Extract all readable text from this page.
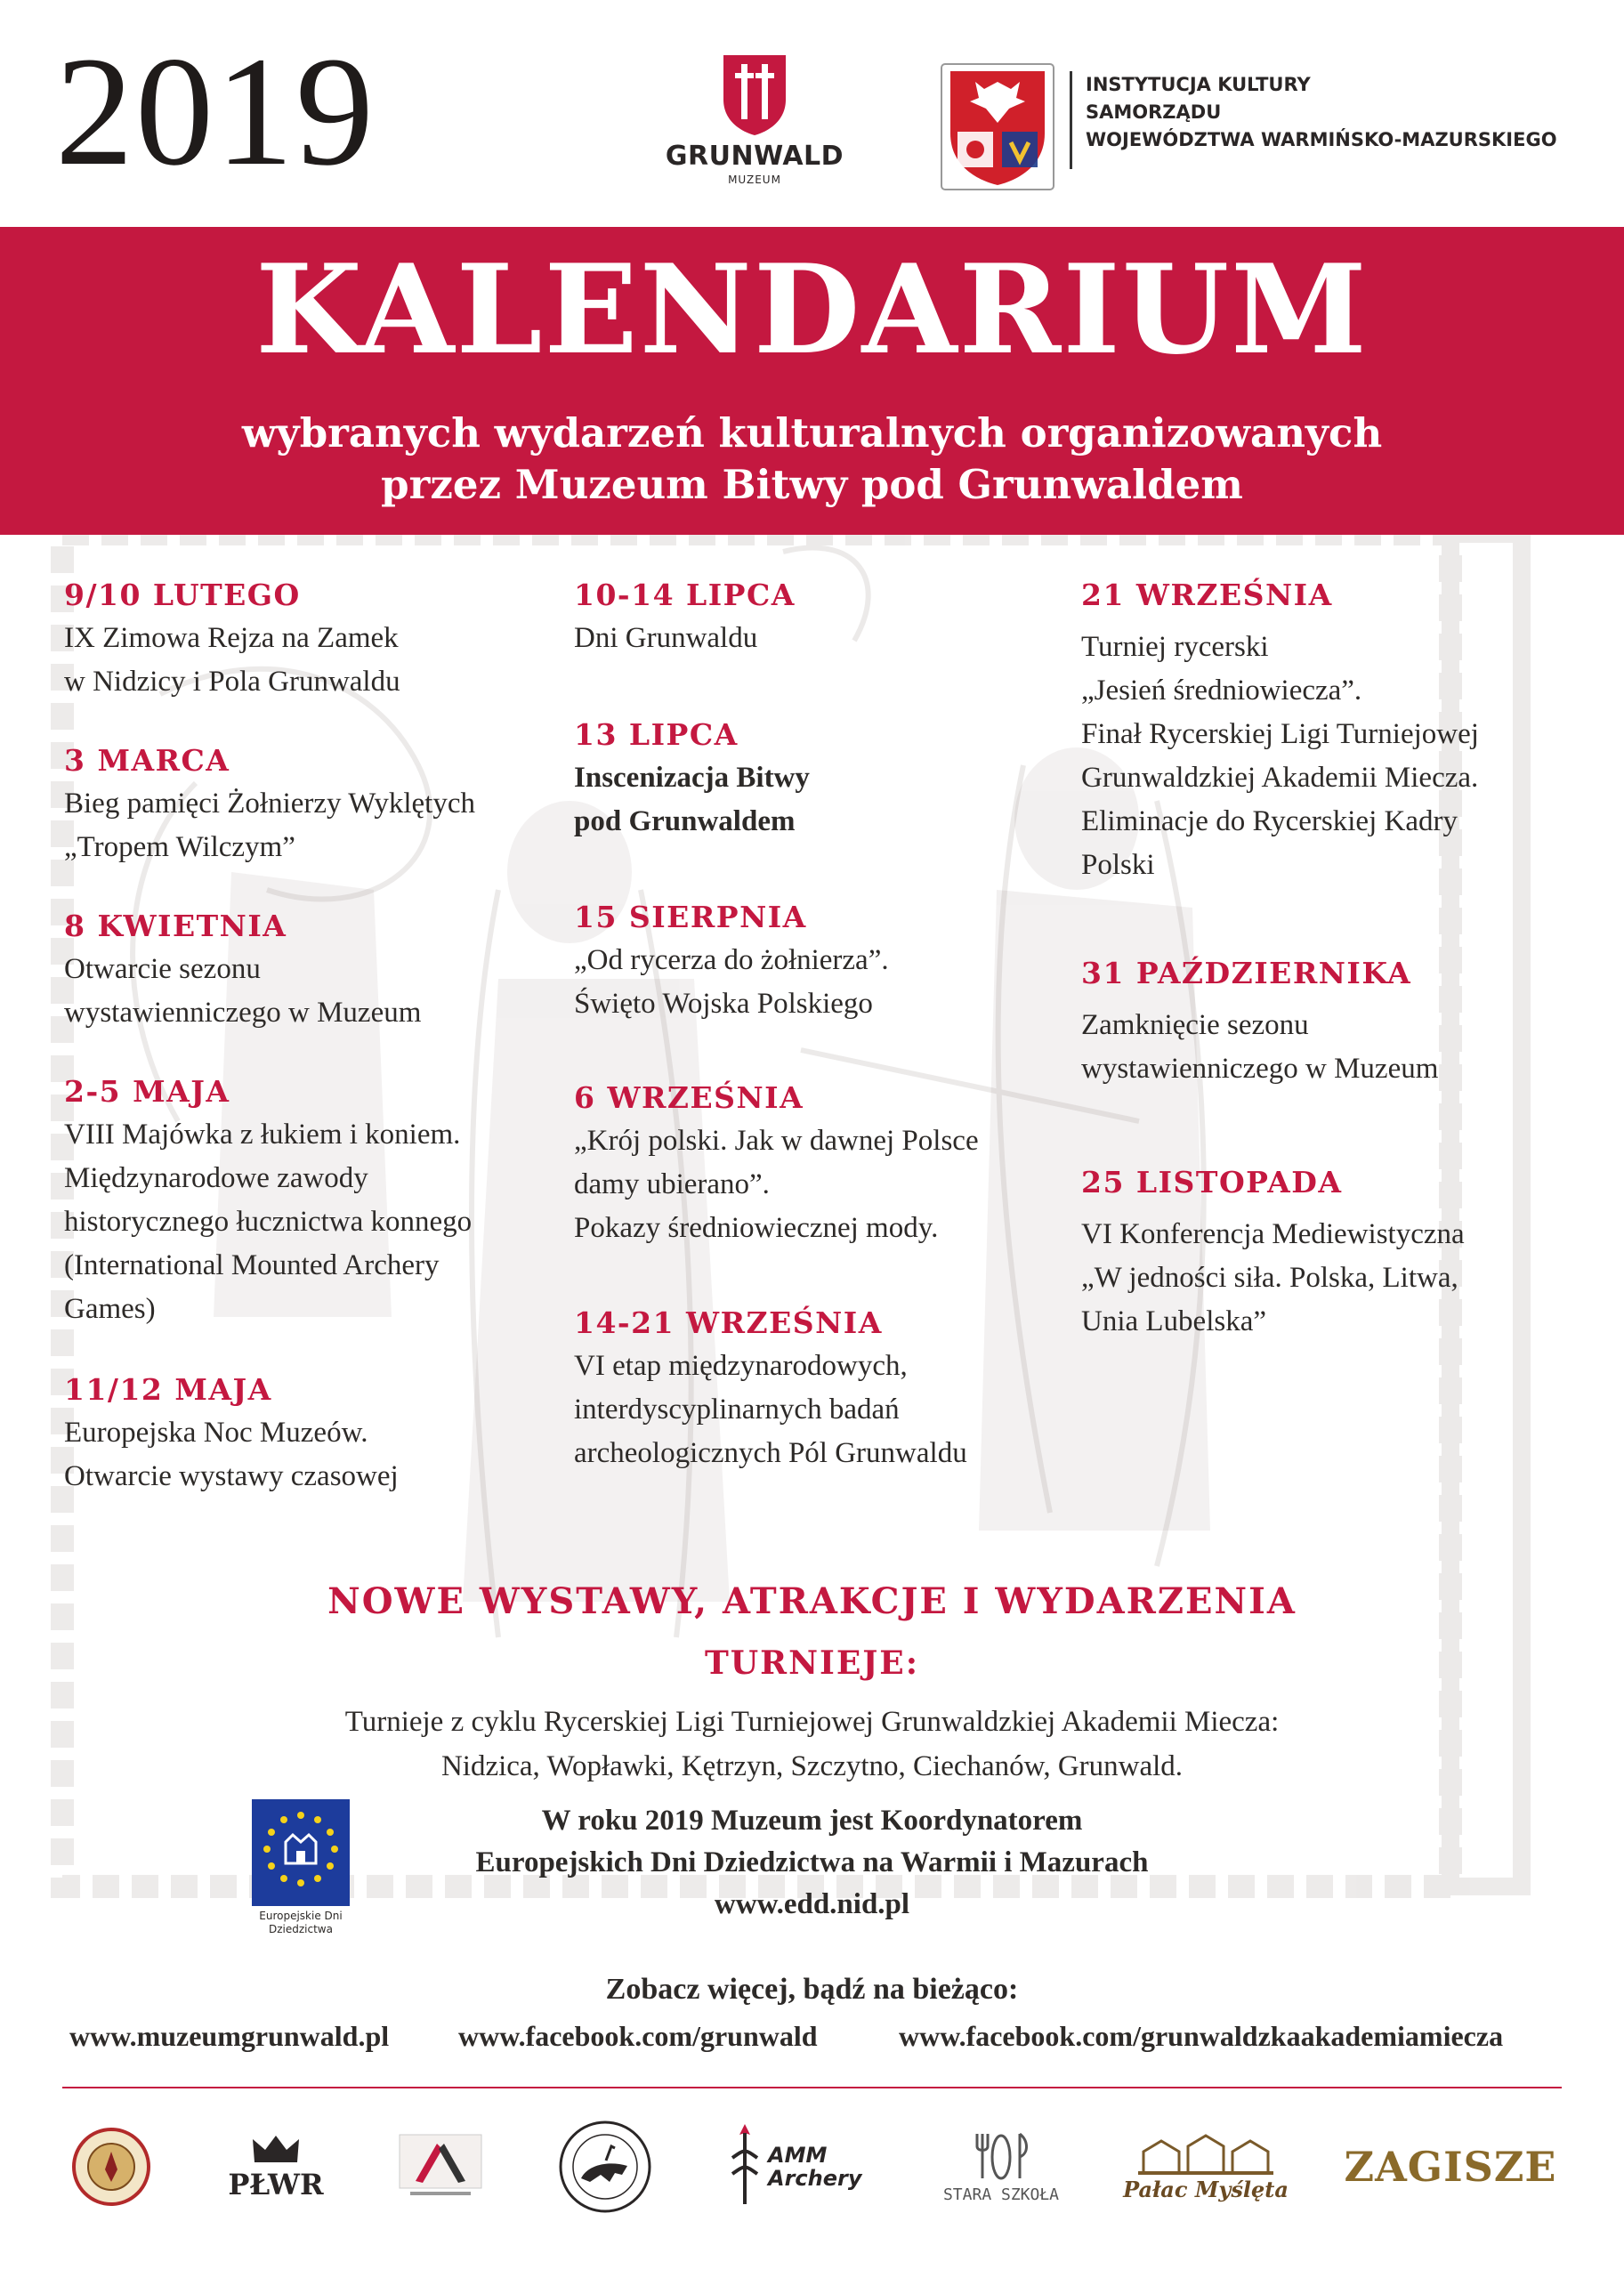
2019	GRUNWALD
MUZEUM
INSTYTUCJA KULTURY
SAMORZĄDU
WOJEWÓDZTWA WARMIŃSKO-MAZURSKIEGO
KALENDARIUM
wybranych wydarzeń kulturalnych organizowanych
przez Muzeum Bitwy pod Grunwaldem
9/10 LUTEGO
IX Zimowa Rejza na Zamek
w Nidzicy i Pola Grunwaldu
3 MARCA
Bieg pamięci Żołnierzy Wyklętych
„Tropem Wilczym”
8 KWIETNIA
Otwarcie sezonu
wystawienniczego w Muzeum
2-5 MAJA
VIII Majówka z łukiem i koniem.
Międzynarodowe zawody
historycznego łucznictwa konnego
(International Mounted Archery
Games)
11/12 MAJA
Europejska Noc Muzeów.
Otwarcie wystawy czasowej
10-14 LIPCA
Dni Grunwaldu
13 LIPCA
Inscenizacja Bitwy
pod Grunwaldem
15 SIERPNIA
„Od rycerza do żołnierza”.
Święto Wojska Polskiego
6 WRZEŚNIA
„Krój polski. Jak w dawnej Polsce
damy ubierano”.
Pokazy średniowiecznej mody.
14-21 WRZEŚNIA
VI etap międzynarodowych,
interdyscyplinarnych badań
archeologicznych Pól Grunwaldu
21 WRZEŚNIA
Turniej rycerski
„Jesień średniowiecza”.
Finał Rycerskiej Ligi Turniejowej
Grunwaldzkiej Akademii Miecza.
Eliminacje do Rycerskiej Kadry
Polski
31 PAŹDZIERNIKA
Zamknięcie sezonu
wystawienniczego w Muzeum
25 LISTOPADA
VI Konferencja Mediewistyczna
„W jedności siła. Polska, Litwa,
Unia Lubelska”
NOWE WYSTAWY, ATRAKCJE I WYDARZENIA
TURNIEJE:
Turnieje z cyklu Rycerskiej Ligi Turniejowej Grunwaldzkiej Akademii Miecza:
Nidzica, Wopławki, Kętrzyn, Szczytno, Ciechanów, Grunwald.
Europejskie Dni
Dziedzictwa
W roku 2019 Muzeum jest Koordynatorem
Europejskich Dni Dziedzictwa na Warmii i Mazurach
www.edd.nid.pl
Zobacz więcej, bądź na bieżąco:
www.muzeumgrunwald.pl www.facebook.com/grunwald	www.facebook.com/grunwaldzkaakademiamiecza
PŁWR
AMM Archery
STARA SZKOŁA	Pałac Myślęta ZAGISZE
